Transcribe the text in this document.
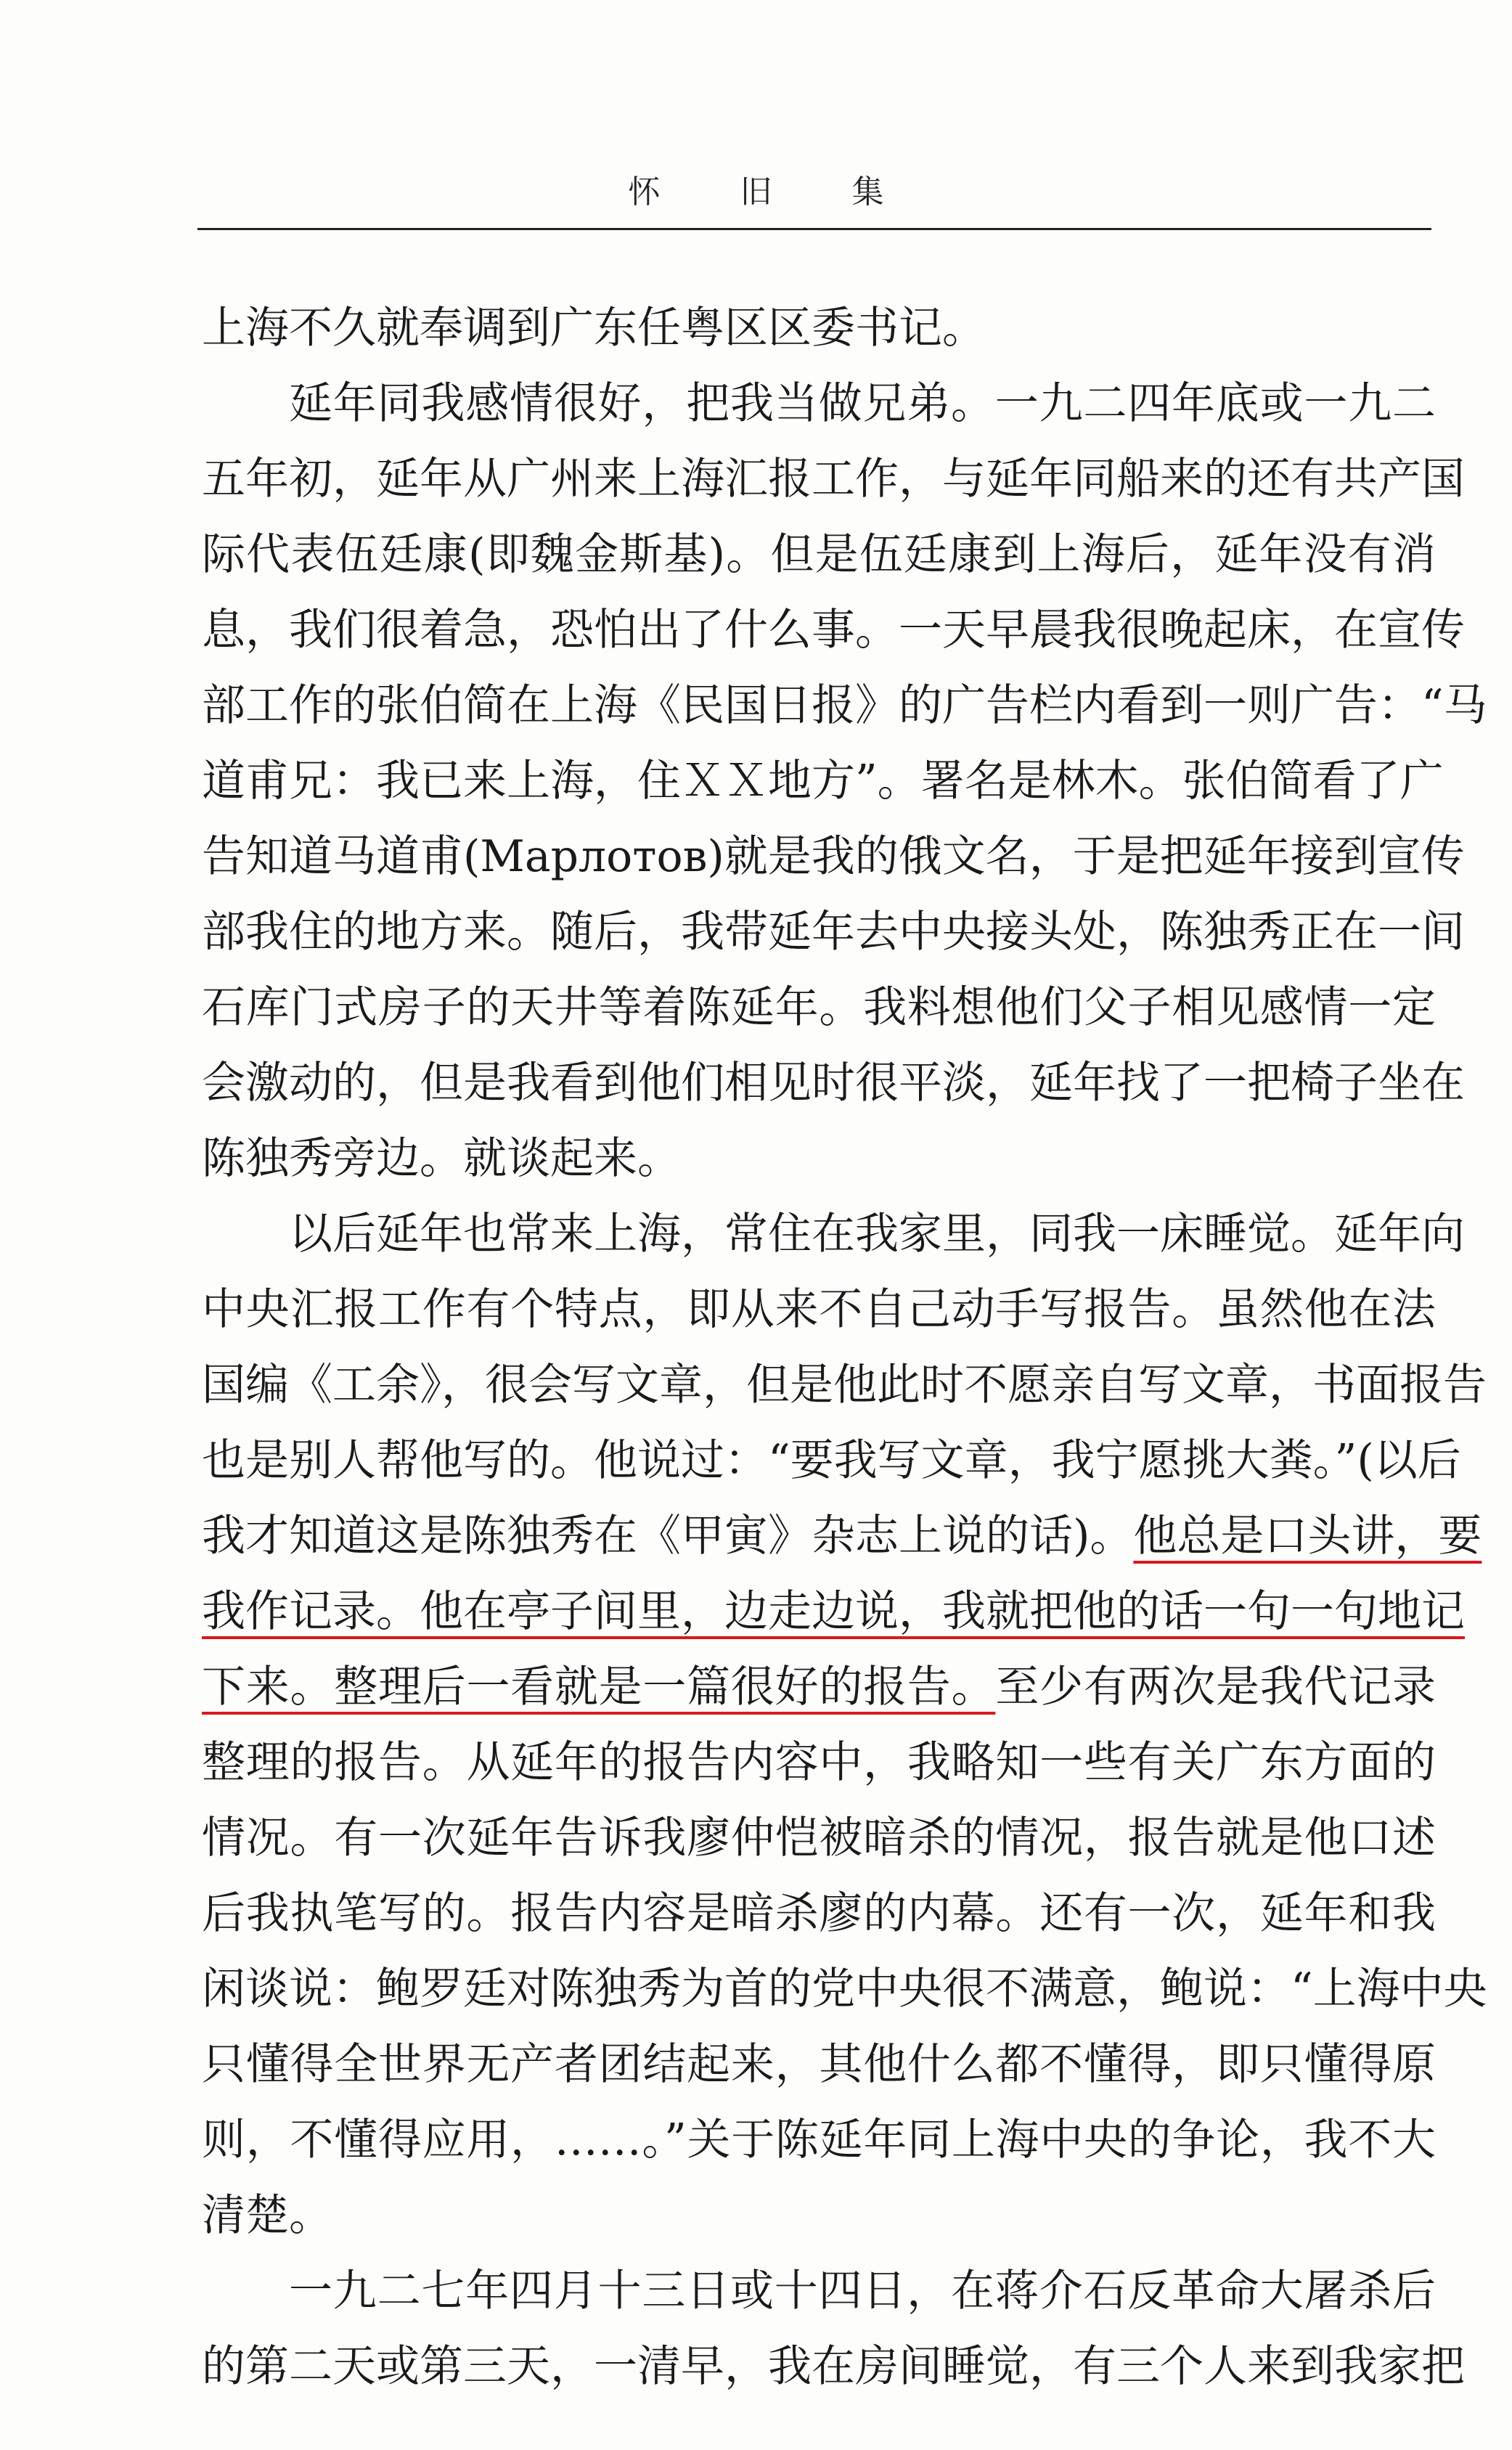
怀 旧 集
上海不久就奉调到广东任粤区区委书记。
延年同我感情很好，把我当做兄弟。一九二四年底或一九二
五年初，延年从广州来上海汇报工作，与延年同船来的还有共产国
际代表伍廷康(即魏金斯基)。但是伍廷康到上海后，延年没有消
息，我们很着急，恐怕出了什么事。一天早晨我很晚起床，在宣传
部工作的张伯简在上海《民国日报》的广告栏内看到一则广告：“马
道甫兄：我已来上海，住ＸＸ地方”。署名是林木。张伯简看了广
告知道马道甫(Марлотов)就是我的俄文名，于是把延年接到宣传
部我住的地方来。随后，我带延年去中央接头处，陈独秀正在一间
石库门式房子的天井等着陈延年。我料想他们父子相见感情一定
会激动的，但是我看到他们相见时很平淡，延年找了一把椅子坐在
陈独秀旁边。就谈起来。
以后延年也常来上海，常住在我家里，同我一床睡觉。延年向
中央汇报工作有个特点，即从来不自己动手写报告。虽然他在法
国编《工余》，很会写文章，但是他此时不愿亲自写文章，书面报告
也是别人帮他写的。他说过：“要我写文章，我宁愿挑大粪。”(以后
我才知道这是陈独秀在《甲寅》杂志上说的话)。他总是口头讲，要
我作记录。他在亭子间里，边走边说，我就把他的话一句一句地记
下来。整理后一看就是一篇很好的报告。至少有两次是我代记录
整理的报告。从延年的报告内容中，我略知一些有关广东方面的
情况。有一次延年告诉我廖仲恺被暗杀的情况，报告就是他口述
后我执笔写的。报告内容是暗杀廖的内幕。还有一次，延年和我
闲谈说：鲍罗廷对陈独秀为首的党中央很不满意，鲍说：“上海中央
只懂得全世界无产者团结起来，其他什么都不懂得，即只懂得原
则，不懂得应用，……。”关于陈延年同上海中央的争论，我不大
清楚。
一九二七年四月十三日或十四日，在蒋介石反革命大屠杀后
的第二天或第三天，一清早，我在房间睡觉，有三个人来到我家把
